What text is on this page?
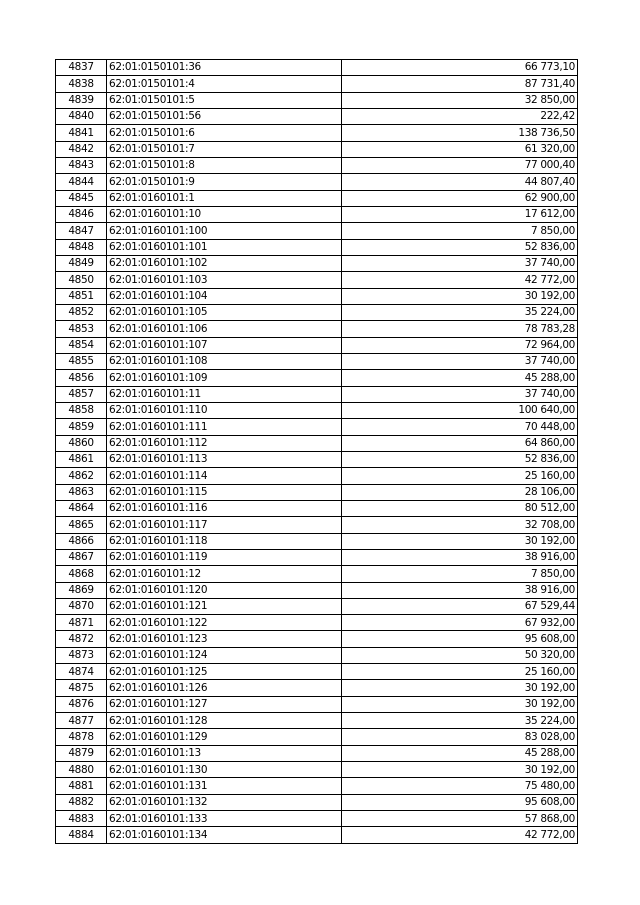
4837	62:01:0150101:36	66 773,10
4838	62:01:0150101:4	87 731,40
4839	62:01:0150101:5	32 850,00
4840	62:01:0150101:56	222,42
4841	62:01:0150101:6	138 736,50
4842	62:01:0150101:7	61 320,00
4843	62:01:0150101:8	77 000,40
4844	62:01:0150101:9	44 807,40
4845	62:01:0160101:1	62 900,00
4846	62:01:0160101:10	17 612,00
4847	62:01:0160101:100	7 850,00
4848	62:01:0160101:101	52 836,00
4849	62:01:0160101:102	37 740,00
4850	62:01:0160101:103	42 772,00
4851	62:01:0160101:104	30 192,00
4852	62:01:0160101:105	35 224,00
4853	62:01:0160101:106	78 783,28
4854	62:01:0160101:107	72 964,00
4855	62:01:0160101:108	37 740,00
4856	62:01:0160101:109	45 288,00
4857	62:01:0160101:11	37 740,00
4858	62:01:0160101:110	100 640,00
4859	62:01:0160101:111	70 448,00
4860	62:01:0160101:112	64 860,00
4861	62:01:0160101:113	52 836,00
4862	62:01:0160101:114	25 160,00
4863	62:01:0160101:115	28 106,00
4864	62:01:0160101:116	80 512,00
4865	62:01:0160101:117	32 708,00
4866	62:01:0160101:118	30 192,00
4867	62:01:0160101:119	38 916,00
4868	62:01:0160101:12	7 850,00
4869	62:01:0160101:120	38 916,00
4870	62:01:0160101:121	67 529,44
4871	62:01:0160101:122	67 932,00
4872	62:01:0160101:123	95 608,00
4873	62:01:0160101:124	50 320,00
4874	62:01:0160101:125	25 160,00
4875	62:01:0160101:126	30 192,00
4876	62:01:0160101:127	30 192,00
4877	62:01:0160101:128	35 224,00
4878	62:01:0160101:129	83 028,00
4879	62:01:0160101:13	45 288,00
4880	62:01:0160101:130	30 192,00
4881	62:01:0160101:131	75 480,00
4882	62:01:0160101:132	95 608,00
4883	62:01:0160101:133	57 868,00
4884	62:01:0160101:134	42 772,00
